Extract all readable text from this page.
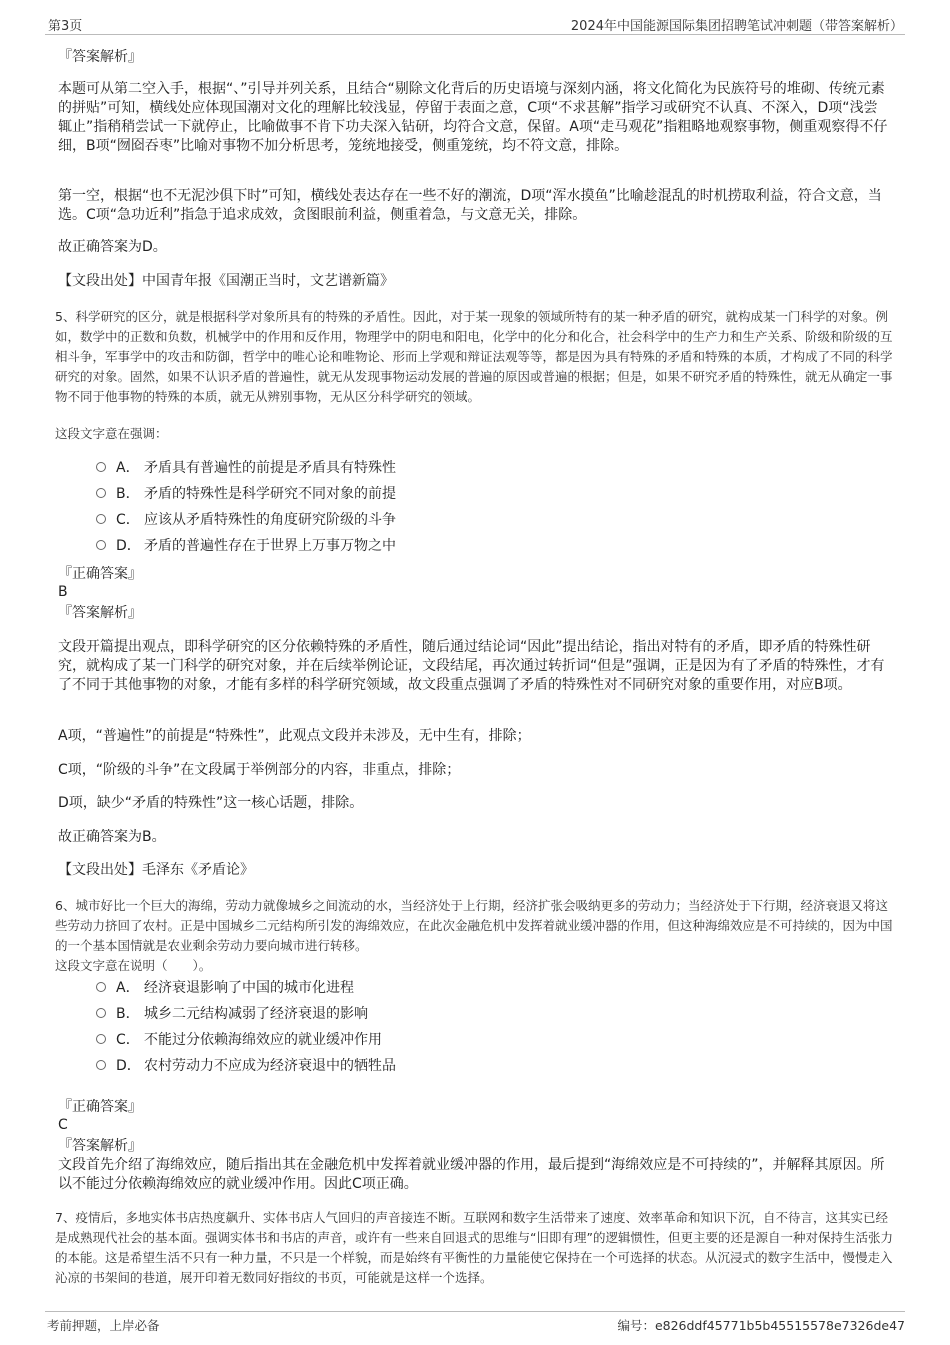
第3页	2024年中国能源国际集团招聘笔试冲刺题（带答案解析）
『答案解析』
本题可从第二空入手，根据“、”引导并列关系，且结合“剔除文化背后的历史语境与深刻内涵，将文化简化为民族符号的堆砌、传统元素的拼贴”可知，横线处应体现国潮对文化的理解比较浅显，停留于表面之意，C项“不求甚解”指学习或研究不认真、不深入，D项“浅尝辄止”指稍稍尝试一下就停止，比喻做事不肯下功夫深入钻研，均符合文意，保留。A项“走马观花”指粗略地观察事物，侧重观察得不仔细，B项“囫囵吞枣”比喻对事物不加分析思考，笼统地接受，侧重笼统，均不符文意，排除。
第一空，根据“也不无泥沙俱下时”可知，横线处表达存在一些不好的潮流，D项“浑水摸鱼”比喻趁混乱的时机捞取利益，符合文意，当选。C项“急功近利”指急于追求成效，贪图眼前利益，侧重着急，与文意无关，排除。
故正确答案为D。
【文段出处】中国青年报《国潮正当时，文艺谱新篇》
5、科学研究的区分，就是根据科学对象所具有的特殊的矛盾性。因此，对于某一现象的领域所特有的某一种矛盾的研究，就构成某一门科学的对象。例如，数学中的正数和负数，机械学中的作用和反作用，物理学中的阴电和阳电，化学中的化分和化合，社会科学中的生产力和生产关系、阶级和阶级的互相斗争，军事学中的攻击和防御，哲学中的唯心论和唯物论、形而上学观和辩证法观等等，都是因为具有特殊的矛盾和特殊的本质，才构成了不同的科学研究的对象。固然，如果不认识矛盾的普遍性，就无从发现事物运动发展的普遍的原因或普遍的根据；但是，如果不研究矛盾的特殊性，就无从确定一事物不同于他事物的特殊的本质，就无从辨别事物，无从区分科学研究的领域。
这段文字意在强调：
A． 矛盾具有普遍性的前提是矛盾具有特殊性
B． 矛盾的特殊性是科学研究不同对象的前提
C． 应该从矛盾特殊性的角度研究阶级的斗争
D． 矛盾的普遍性存在于世界上万事万物之中
『正确答案』
B
『答案解析』
文段开篇提出观点，即科学研究的区分依赖特殊的矛盾性，随后通过结论词“因此”提出结论，指出对特有的矛盾，即矛盾的特殊性研究，就构成了某一门科学的研究对象，并在后续举例论证，文段结尾，再次通过转折词“但是”强调，正是因为有了矛盾的特殊性，才有了不同于其他事物的对象，才能有多样的科学研究领域，故文段重点强调了矛盾的特殊性对不同研究对象的重要作用，对应B项。
A项，“普遍性”的前提是“特殊性”，此观点文段并未涉及，无中生有，排除；
C项，“阶级的斗争”在文段属于举例部分的内容，非重点，排除；
D项，缺少“矛盾的特殊性”这一核心话题，排除。
故正确答案为B。
【文段出处】毛泽东《矛盾论》
6、城市好比一个巨大的海绵，劳动力就像城乡之间流动的水，当经济处于上行期，经济扩张会吸纳更多的劳动力；当经济处于下行期，经济衰退又将这些劳动力挤回了农村。正是中国城乡二元结构所引发的海绵效应，在此次金融危机中发挥着就业缓冲器的作用，但这种海绵效应是不可持续的，因为中国的一个基本国情就是农业剩余劳动力要向城市进行转移。
这段文字意在说明（　　）。
A． 经济衰退影响了中国的城市化进程
B． 城乡二元结构减弱了经济衰退的影响
C． 不能过分依赖海绵效应的就业缓冲作用
D． 农村劳动力不应成为经济衰退中的牺牲品
『正确答案』
C
『答案解析』
文段首先介绍了海绵效应，随后指出其在金融危机中发挥着就业缓冲器的作用，最后提到“海绵效应是不可持续的”，并解释其原因。所以不能过分依赖海绵效应的就业缓冲作用。因此C项正确。
7、疫情后，多地实体书店热度飙升、实体书店人气回归的声音接连不断。互联网和数字生活带来了速度、效率革命和知识下沉，自不待言，这其实已经是成熟现代社会的基本面。强调实体书和书店的声音，或许有一些来自回退式的思维与“旧即有理”的逻辑惯性，但更主要的还是源自一种对保持生活张力的本能。这是希望生活不只有一种力量，不只是一个样貌，而是始终有平衡性的力量能使它保持在一个可选择的状态。从沉浸式的数字生活中，慢慢走入沁凉的书架间的巷道，展开印着无数同好指纹的书页，可能就是这样一个选择。
考前押题，上岸必备	编号：e826ddf45771b5b45515578e7326de47
